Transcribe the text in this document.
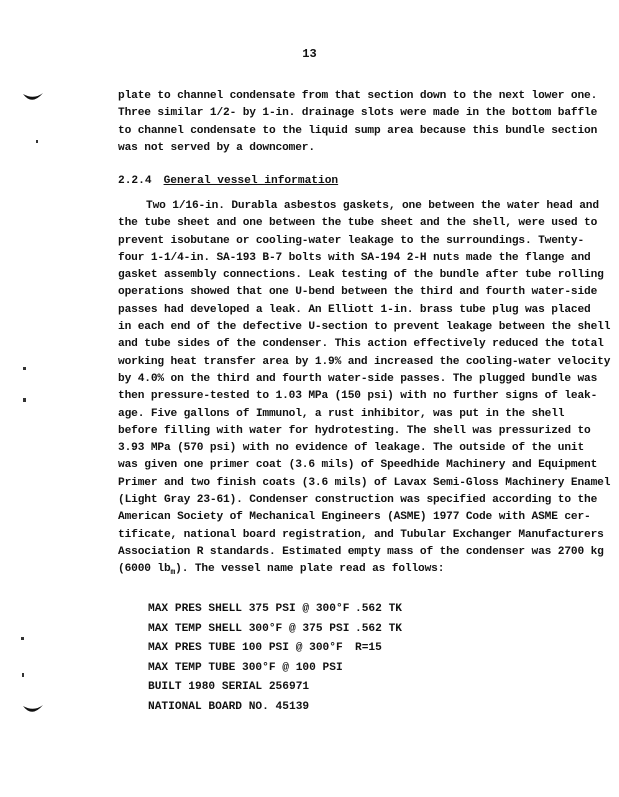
13
plate to channel condensate from that section down to the next lower one.
Three similar 1/2- by 1-in. drainage slots were made in the bottom baffle
to channel condensate to the liquid sump area because this bundle section
was not served by a downcomer.
2.2.4 General vessel information
Two 1/16-in. Durabla asbestos gaskets, one between the water head and
the tube sheet and one between the tube sheet and the shell, were used to
prevent isobutane or cooling-water leakage to the surroundings. Twenty-
four 1-1/4-in. SA-193 B-7 bolts with SA-194 2-H nuts made the flange and
gasket assembly connections. Leak testing of the bundle after tube rolling
operations showed that one U-bend between the third and fourth water-side
passes had developed a leak. An Elliott 1-in. brass tube plug was placed
in each end of the defective U-section to prevent leakage between the shell
and tube sides of the condenser. This action effectively reduced the total
working heat transfer area by 1.9% and increased the cooling-water velocity
by 4.0% on the third and fourth water-side passes. The plugged bundle was
then pressure-tested to 1.03 MPa (150 psi) with no further signs of leak-
age. Five gallons of Immunol, a rust inhibitor, was put in the shell
before filling with water for hydrotesting. The shell was pressurized to
3.93 MPa (570 psi) with no evidence of leakage. The outside of the unit
was given one primer coat (3.6 mils) of Speedhide Machinery and Equipment
Primer and two finish coats (3.6 mils) of Lavax Semi-Gloss Machinery Enamel
(Light Gray 23-61). Condenser construction was specified according to the
American Society of Mechanical Engineers (ASME) 1977 Code with ASME cer-
tificate, national board registration, and Tubular Exchanger Manufacturers
Association R standards. Estimated empty mass of the condenser was 2700 kg
(6000 $lb_m$). The vessel name plate read as follows:
MAX PRES SHELL 375 PSI @ 300°F .562 TK
MAX TEMP SHELL 300°F @ 375 PSI .562 TK
MAX PRES TUBE 100 PSI @ 300°F R=15
MAX TEMP TUBE 300°F @ 100 PSI
BUILT 1980 SERIAL 256971
NATIONAL BOARD NO. 45139
